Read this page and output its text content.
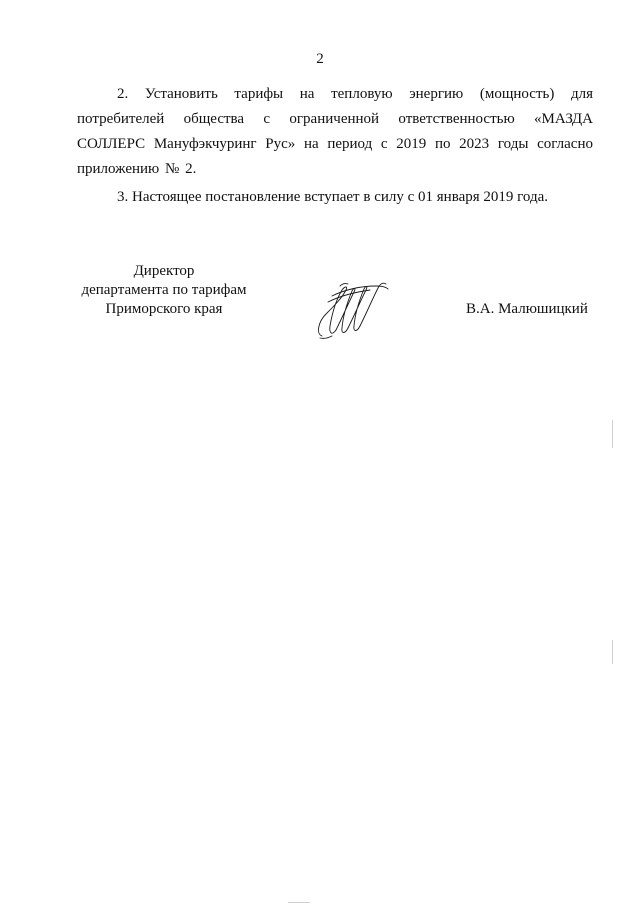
2

2. Установить тарифы на тепловую энергию (мощность) для потребителей общества с ограниченной ответственностью «МАЗДА СОЛЛЕРС Мануфэкчуринг Рус» на период с 2019 по 2023 годы согласно приложению № 2.

3. Настоящее постановление вступает в силу с 01 января 2019 года.

Директор
департамента по тарифам
Приморского края	В.А. Малюшицкий
